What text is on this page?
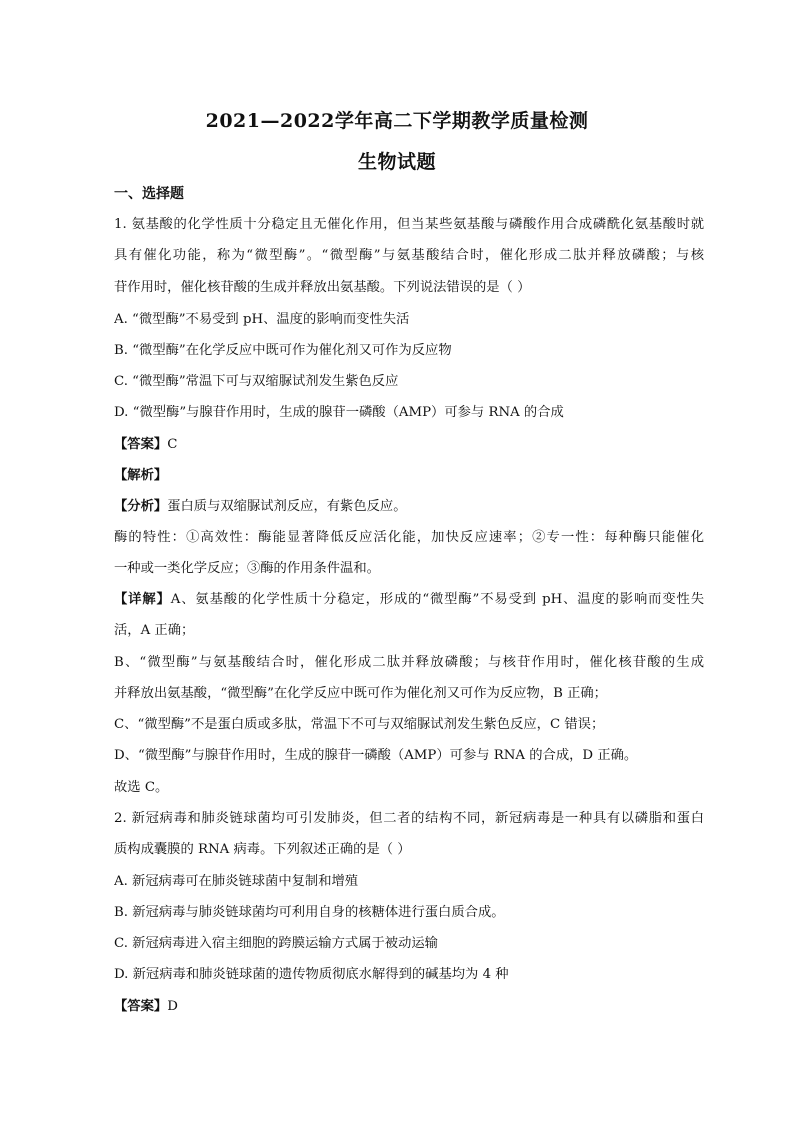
2021—2022学年高二下学期教学质量检测
生物试题
一、选择题
1. 氨基酸的化学性质十分稳定且无催化作用，但当某些氨基酸与磷酸作用合成磷酰化氨基酸时就
具有催化功能，称为“微型酶”。“微型酶”与氨基酸结合时，催化形成二肽并释放磷酸；与核
苷作用时，催化核苷酸的生成并释放出氨基酸。下列说法错误的是（ ）
A. “微型酶”不易受到 pH、温度的影响而变性失活
B. “微型酶”在化学反应中既可作为催化剂又可作为反应物
C. “微型酶”常温下可与双缩脲试剂发生紫色反应
D. “微型酶”与腺苷作用时，生成的腺苷一磷酸（AMP）可参与 RNA 的合成
【答案】C
【解析】
【分析】蛋白质与双缩脲试剂反应，有紫色反应。
酶的特性：①高效性：酶能显著降低反应活化能，加快反应速率；②专一性：每种酶只能催化
一种或一类化学反应；③酶的作用条件温和。
【详解】A、氨基酸的化学性质十分稳定，形成的“微型酶”不易受到 pH、温度的影响而变性失
活，A 正确；
B、“微型酶”与氨基酸结合时，催化形成二肽并释放磷酸；与核苷作用时，催化核苷酸的生成
并释放出氨基酸，“微型酶”在化学反应中既可作为催化剂又可作为反应物，B 正确；
C、“微型酶”不是蛋白质或多肽，常温下不可与双缩脲试剂发生紫色反应，C 错误；
D、“微型酶”与腺苷作用时，生成的腺苷一磷酸（AMP）可参与 RNA 的合成，D 正确。
故选 C。
2. 新冠病毒和肺炎链球菌均可引发肺炎，但二者的结构不同，新冠病毒是一种具有以磷脂和蛋白
质构成囊膜的 RNA 病毒。下列叙述正确的是（ ）
A. 新冠病毒可在肺炎链球菌中复制和增殖
B. 新冠病毒与肺炎链球菌均可利用自身的核糖体进行蛋白质合成。
C. 新冠病毒进入宿主细胞的跨膜运输方式属于被动运输
D. 新冠病毒和肺炎链球菌的遗传物质彻底水解得到的碱基均为 4 种
【答案】D
